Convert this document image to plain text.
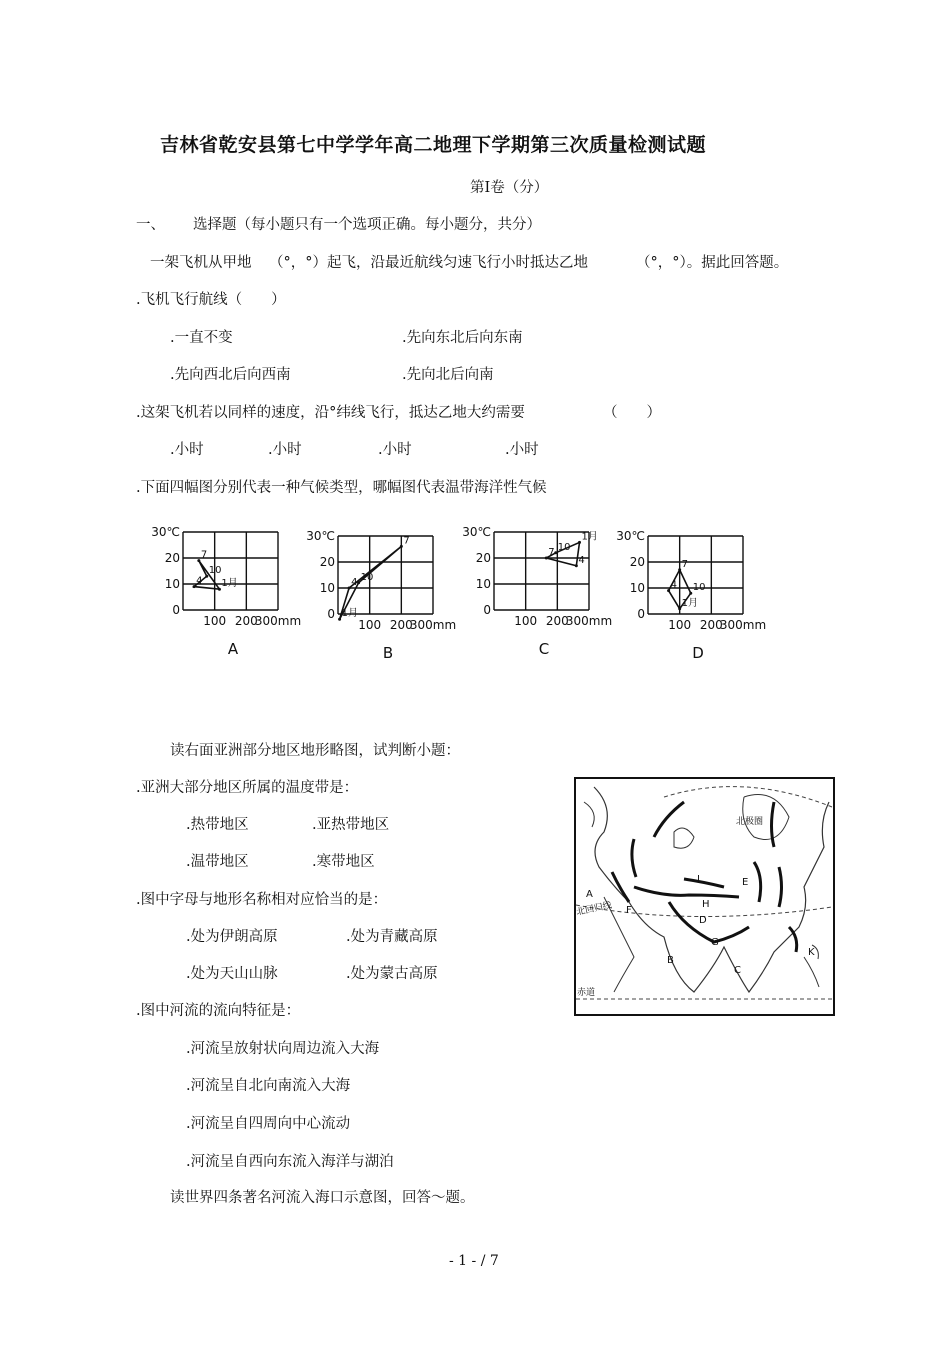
吉林省乾安县第七中学学年高二地理下学期第三次质量检测试题
第Ⅰ卷（分）
一、 选择题（每小题只有一个选项正确。每小题分，共分）
一架飞机从甲地 （°，°）起飞，沿最近航线匀速飞行小时抵达乙地	（°，°）。据此回答题。
.飞机飞行航线（　　）
.一直不变	.先向东北后向东南
.先向西北后向西南	.先向北后向南
.这架飞机若以同样的速度，沿°纬线飞行，抵达乙地大约需要	（　　）
.小时	.小时	.小时	.小时
.下面四幅图分别代表一种气候类型，哪幅图代表温带海洋性气候
30℃
20
10
0
100 200
300mm
7
10
4 1月
A
30℃
20
10
0
100 200
300mm
1月
4
7
10
B
30℃
20
10
0
100 200
300mm
7 10
1月
4
C
30℃
20
10
0
100 200
300mm
1月
4
7
10
D
读右面亚洲部分地区地形略图，试判断小题：
.亚洲大部分地区所属的温度带是：
.热带地区	.亚热带地区
.温带地区	.寒带地区
.图中字母与地形名称相对应恰当的是：
.处为伊朗高原	.处为青藏高原
.处为天山山脉	.处为蒙古高原
.图中河流的流向特征是：
.河流呈放射状向周边流入大海
.河流呈自北向南流入大海
.河流呈自四周向中心流动
.河流呈自西向东流入海洋与湖泊
读世界四条著名河流入海口示意图，回答～题。
北极圈
北回归线
赤道
A
B
C
D
E
F
G
H
I
K
- 1 - / 7
